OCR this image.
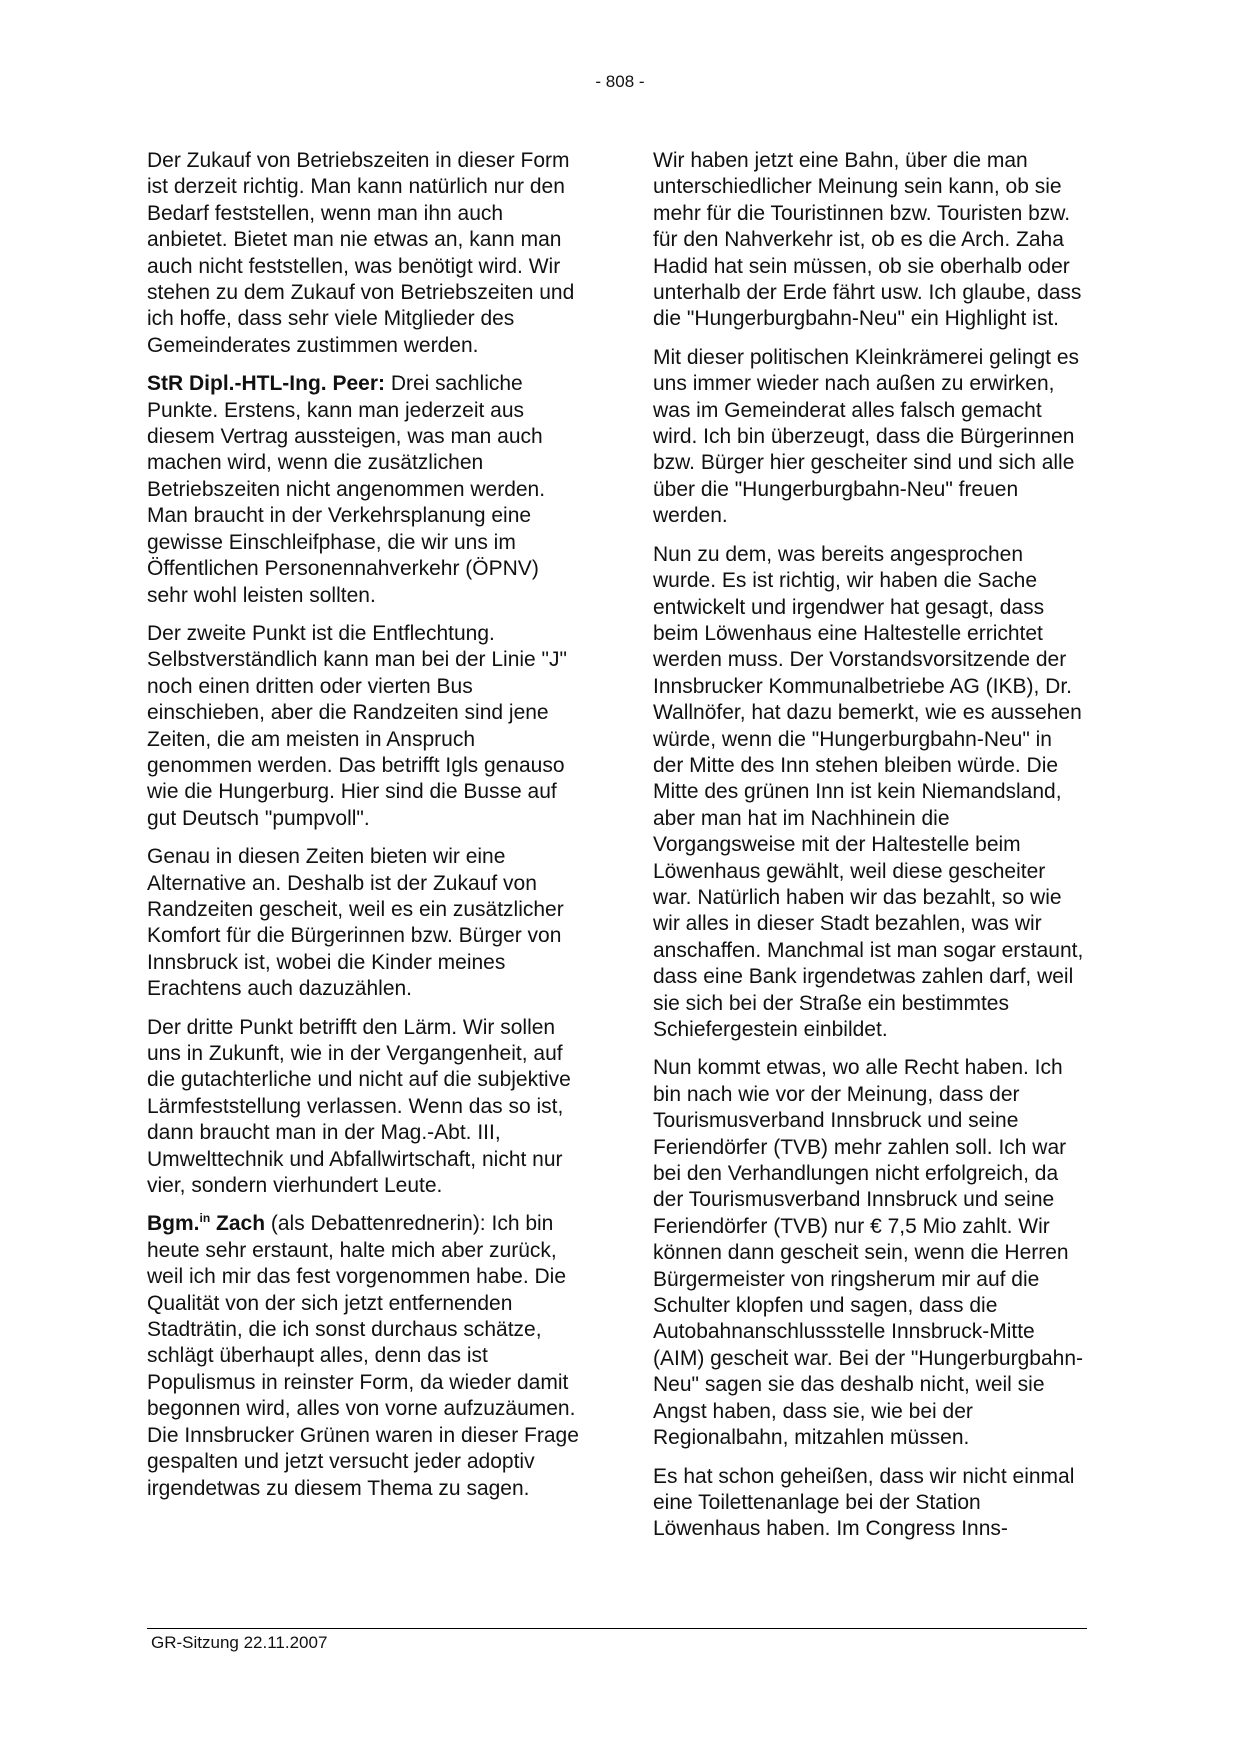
- 808 -

Der Zukauf von Betriebszeiten in dieser Form ist derzeit richtig. Man kann natürlich nur den Bedarf feststellen, wenn man ihn auch anbietet. Bietet man nie etwas an, kann man auch nicht feststellen, was benötigt wird. Wir stehen zu dem Zukauf von Betriebszeiten und ich hoffe, dass sehr viele Mitglieder des Gemeinderates zustimmen werden.

StR Dipl.-HTL-Ing. Peer: Drei sachliche Punkte. Erstens, kann man jederzeit aus diesem Vertrag aussteigen, was man auch machen wird, wenn die zusätzlichen Betriebszeiten nicht angenommen werden. Man braucht in der Verkehrsplanung eine gewisse Einschleifphase, die wir uns im Öffentlichen Personennahverkehr (ÖPNV) sehr wohl leisten sollten.

Der zweite Punkt ist die Entflechtung. Selbstverständlich kann man bei der Linie "J" noch einen dritten oder vierten Bus einschieben, aber die Randzeiten sind jene Zeiten, die am meisten in Anspruch genommen werden. Das betrifft Igls genauso wie die Hungerburg. Hier sind die Busse auf gut Deutsch "pumpvoll".

Genau in diesen Zeiten bieten wir eine Alternative an. Deshalb ist der Zukauf von Randzeiten gescheit, weil es ein zusätzlicher Komfort für die Bürgerinnen bzw. Bürger von Innsbruck ist, wobei die Kinder meines Erachtens auch dazuzählen.

Der dritte Punkt betrifft den Lärm. Wir sollen uns in Zukunft, wie in der Vergangenheit, auf die gutachterliche und nicht auf die subjektive Lärmfeststellung verlassen. Wenn das so ist, dann braucht man in der Mag.-Abt. III, Umwelttechnik und Abfallwirtschaft, nicht nur vier, sondern vierhundert Leute.

Bgm.$^{in}$ Zach (als Debattenrednerin): Ich bin heute sehr erstaunt, halte mich aber zurück, weil ich mir das fest vorgenommen habe. Die Qualität von der sich jetzt entfernenden Stadträtin, die ich sonst durchaus schätze, schlägt überhaupt alles, denn das ist Populismus in reinster Form, da wieder damit begonnen wird, alles von vorne aufzuzäumen. Die Innsbrucker Grünen waren in dieser Frage gespalten und jetzt versucht jeder adoptiv irgendetwas zu diesem Thema zu sagen.

Wir haben jetzt eine Bahn, über die man unterschiedlicher Meinung sein kann, ob sie mehr für die Touristinnen bzw. Touristen bzw. für den Nahverkehr ist, ob es die Arch. Zaha Hadid hat sein müssen, ob sie oberhalb oder unterhalb der Erde fährt usw. Ich glaube, dass die "Hungerburgbahn-Neu" ein Highlight ist.

Mit dieser politischen Kleinkrämerei gelingt es uns immer wieder nach außen zu erwirken, was im Gemeinderat alles falsch gemacht wird. Ich bin überzeugt, dass die Bürgerinnen bzw. Bürger hier gescheiter sind und sich alle über die "Hungerburgbahn-Neu" freuen werden.

Nun zu dem, was bereits angesprochen wurde. Es ist richtig, wir haben die Sache entwickelt und irgendwer hat gesagt, dass beim Löwenhaus eine Haltestelle errichtet werden muss. Der Vorstandsvorsitzende der Innsbrucker Kommunalbetriebe AG (IKB), Dr. Wallnöfer, hat dazu bemerkt, wie es aussehen würde, wenn die "Hungerburgbahn-Neu" in der Mitte des Inn stehen bleiben würde. Die Mitte des grünen Inn ist kein Niemandsland, aber man hat im Nachhinein die Vorgangsweise mit der Haltestelle beim Löwenhaus gewählt, weil diese gescheiter war. Natürlich haben wir das bezahlt, so wie wir alles in dieser Stadt bezahlen, was wir anschaffen. Manchmal ist man sogar erstaunt, dass eine Bank irgendetwas zahlen darf, weil sie sich bei der Straße ein bestimmtes Schiefergestein einbildet.

Nun kommt etwas, wo alle Recht haben. Ich bin nach wie vor der Meinung, dass der Tourismusverband Innsbruck und seine Feriendörfer (TVB) mehr zahlen soll. Ich war bei den Verhandlungen nicht erfolgreich, da der Tourismusverband Innsbruck und seine Feriendörfer (TVB) nur € 7,5 Mio zahlt. Wir können dann gescheit sein, wenn die Herren Bürgermeister von ringsherum mir auf die Schulter klopfen und sagen, dass die Autobahnanschlussstelle Innsbruck-Mitte (AIM) gescheit war. Bei der "Hungerburgbahn-Neu" sagen sie das deshalb nicht, weil sie Angst haben, dass sie, wie bei der Regionalbahn, mitzahlen müssen.

Es hat schon geheißen, dass wir nicht einmal eine Toilettenanlage bei der Station Löwenhaus haben. Im Congress Inns-

GR-Sitzung 22.11.2007
